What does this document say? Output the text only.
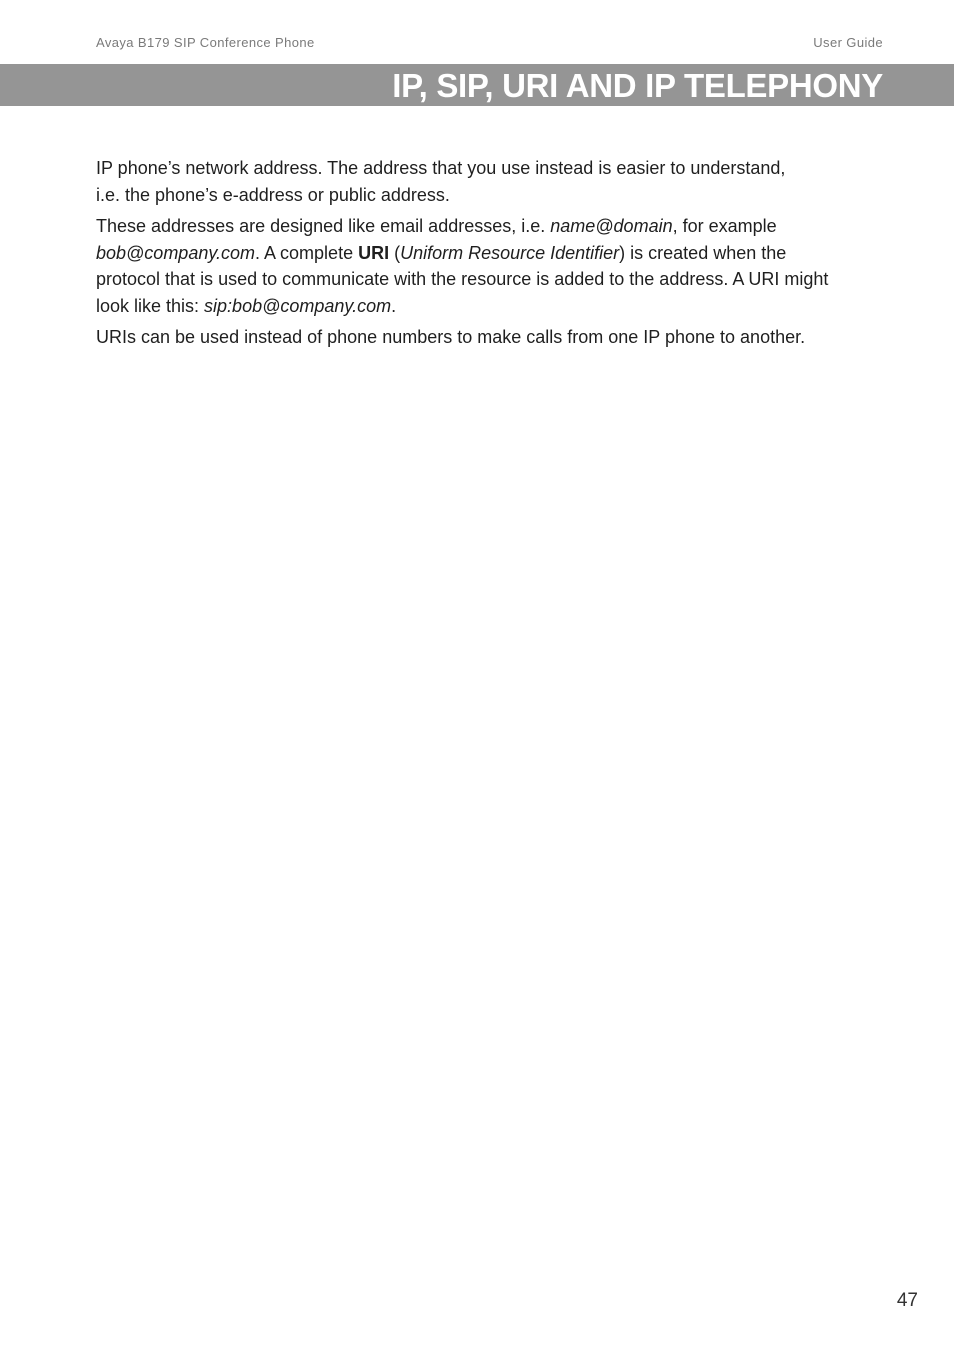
Avaya B179 SIP Conference Phone	User Guide
IP, SIP, URI AND IP TELEPHONY

IP phone’s network address. The address that you use instead is easier to understand,
i.e. the phone’s e-address or public address.

These addresses are designed like email addresses, i.e. name@domain, for example
bob@company.com. A complete URI (Uniform Resource Identifier) is created when the protocol that is used to communicate with the resource is added to the address. A URI might look like this: sip:bob@company.com.

URIs can be used instead of phone numbers to make calls from one IP phone to another.

47
